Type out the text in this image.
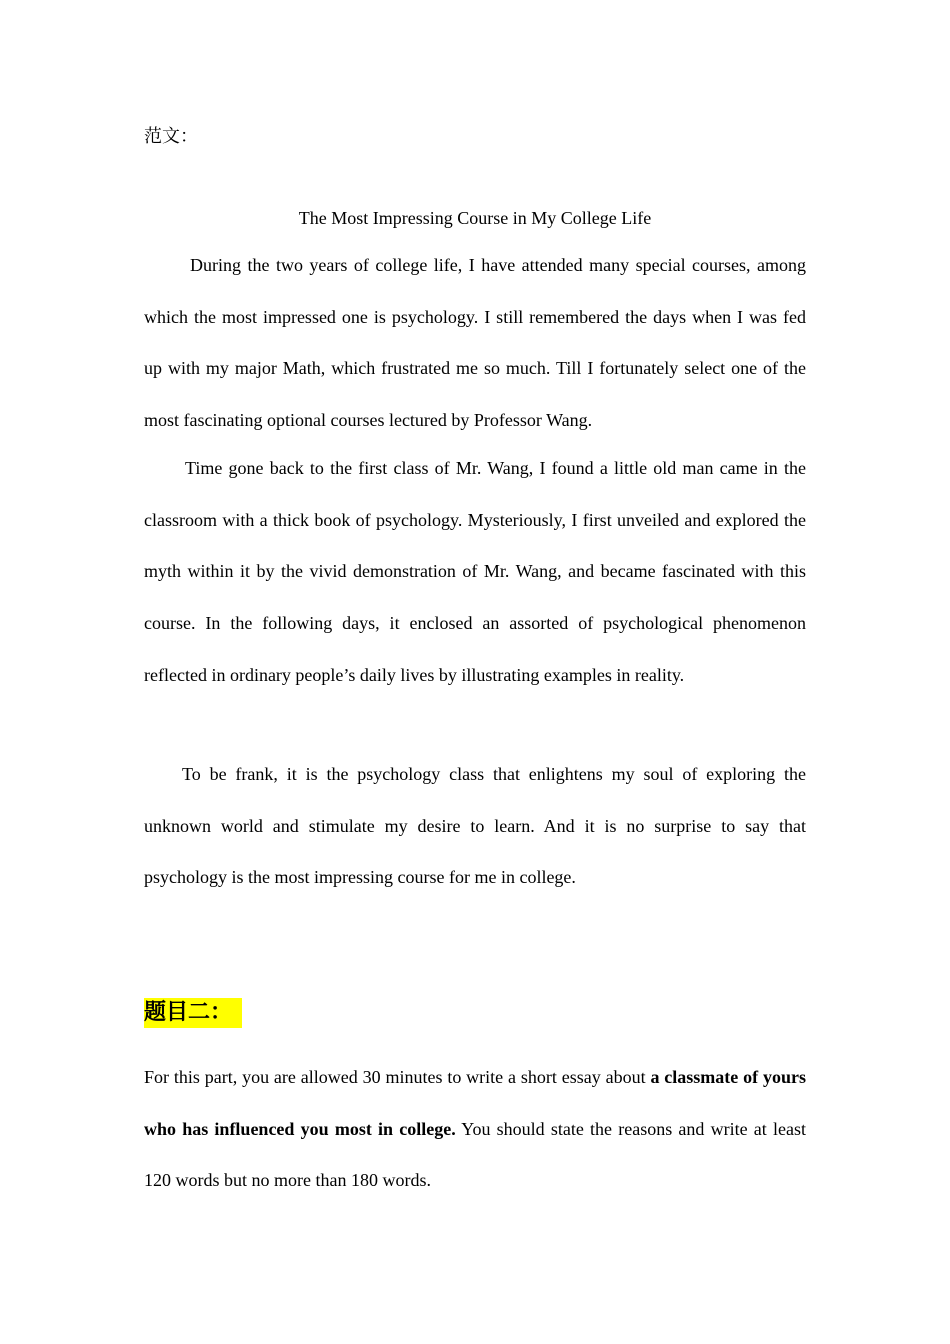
范文：
The Most Impressing Course in My College Life

During the two years of college life, I have attended many special courses, among which the most impressed one is psychology. I still remembered the days when I was fed up with my major Math, which frustrated me so much. Till I fortunately select one of the most fascinating optional courses lectured by Professor Wang.

Time gone back to the first class of Mr. Wang, I found a little old man came in the classroom with a thick book of psychology. Mysteriously, I first unveiled and explored the myth within it by the vivid demonstration of Mr. Wang, and became fascinated with this course. In the following days, it enclosed an assorted of psychological phenomenon reflected in ordinary people’s daily lives by illustrating examples in reality.

To be frank, it is the psychology class that enlightens my soul of exploring the unknown world and stimulate my desire to learn. And it is no surprise to say that psychology is the most impressing course for me in college.

题目二：

For this part, you are allowed 30 minutes to write a short essay about a classmate of yours who has influenced you most in college. You should state the reasons and write at least 120 words but no more than 180 words.
